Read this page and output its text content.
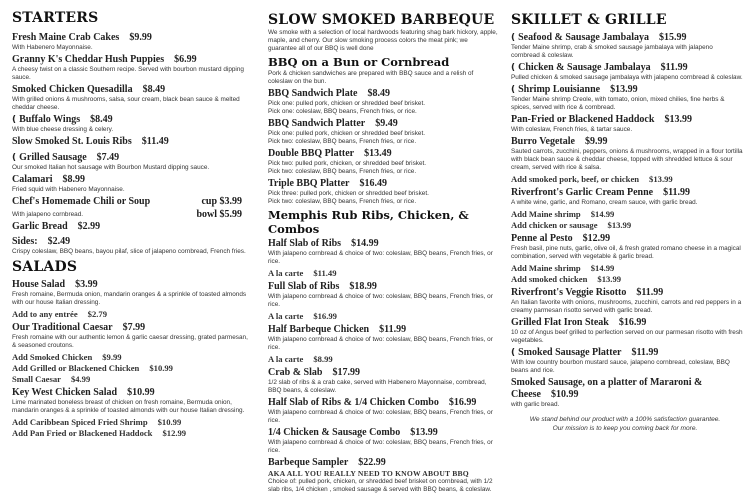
STARTERS
Fresh Maine Crab Cakes $9.99
With Habenero Mayonnaise.
Granny K's Cheddar Hush Puppies $6.99
A cheesy twist on a classic Southern recipe. Served with bourbon mustard dipping sauce.
Smoked Chicken Quesadilla $8.49
With grilled onions & mushrooms, salsa, sour cream, black bean sauce & melted cheddar cheese.
( Buffalo Wings $8.49
With blue cheese dressing & celery.
Slow Smoked St. Louis Ribs $11.49
( Grilled Sausage $7.49
Our smoked Italian hot sausage with Bourbon Mustard dipping sauce.
Calamari $8.99
Fried squid with Habenero Mayonnaise.
Chef's Homemade Chili or Soup	cup $3.99
With jalapeno cornbread.	bowl $5.99
Garlic Bread $2.99
Sides: $2.49
Crispy coleslaw, BBQ beans, bayou pilaf, slice of jalapeno cornbread, French fries.
SALADS
House Salad $3.99
Fresh romaine, Bermuda onion, mandarin oranges & a sprinkle of toasted almonds with our house Italian dressing.
Add to any entrée $2.79
Our Traditional Caesar $7.99
Fresh romaine with our authentic lemon & garlic caesar dressing, grated parmesan, & seasoned croutons.
Add Smoked Chicken $9.99
Add Grilled or Blackened Chicken $10.99
Small Caesar $4.99
Key West Chicken Salad $10.99
Lime marinated boneless breast of chicken on fresh romaine, Bermuda onion, mandarin oranges & a sprinkle of toasted almonds with our house Italian dressing.
Add Caribbean Spiced Fried Shrimp $10.99
Add Pan Fried or Blackened Haddock $12.99
SLOW SMOKED BARBEQUE
We smoke with a selection of local hardwoods featuring shag bark hickory, apple, maple, and cherry. Our slow smoking process colors the meat pink; we guarantee all of our BBQ is well done
BBQ on a Bun or Cornbread
Pork & chicken sandwiches are prepared with BBQ sauce and a relish of coleslaw on the bun.
BBQ Sandwich Plate $8.49
Pick one: pulled pork, chicken or shredded beef brisket.
Pick one: coleslaw, BBQ beans, French fries, or rice.
BBQ Sandwich Platter $9.49
Pick one: pulled pork, chicken or shredded beef brisket.
Pick two: coleslaw, BBQ beans, French fries, or rice.
Double BBQ Platter $13.49
Pick two: pulled pork, chicken, or shredded beef brisket.
Pick two: coleslaw, BBQ beans, French fries, or rice.
Triple BBQ Platter $16.49
Pick three: pulled pork, chicken or shredded beef brisket.
Pick two: coleslaw, BBQ beans, French fries, or rice.
Memphis Rub Ribs, Chicken, & Combos
Half Slab of Ribs $14.99
With jalapeno cornbread & choice of two: coleslaw, BBQ beans, French fries, or rice.
A la carte $11.49
Full Slab of Ribs $18.99
With jalapeno cornbread & choice of two: coleslaw, BBQ beans, French fries, or rice.
A la carte $16.99
Half Barbeque Chicken $11.99
With jalapeno cornbread & choice of two: coleslaw, BBQ beans, French fries, or rice.
A la carte $8.99
Crab & Slab $17.99
1/2 slab of ribs & a crab cake, served with Habenero Mayonnaise, cornbread, BBQ beans, & coleslaw.
Half Slab of Ribs & 1/4 Chicken Combo $16.99
With jalapeno cornbread & choice of two: coleslaw, BBQ beans, French fries, or rice.
1/4 Chicken & Sausage Combo $13.99
With jalapeno cornbread & choice of two: coleslaw, BBQ beans, French fries, or rice.
Barbeque Sampler $22.99
AKA ALL YOU REALLY NEED TO KNOW ABOUT BBQ
Choice of: pulled pork, chicken, or shredded beef brisket on cornbread, with 1/2 slab ribs, 1/4 chicken , smoked sausage & served with BBQ beans, & coleslaw.
SKILLET & GRILLE
( Seafood & Sausage Jambalaya $15.99
Tender Maine shrimp, crab & smoked sausage jambalaya with jalapeno cornbread & coleslaw.
( Chicken & Sausage Jambalaya $11.99
Pulled chicken & smoked sausage jambalaya with jalapeno cornbread & coleslaw.
( Shrimp Louisianne $13.99
Tender Maine shrimp Creole, with tomato, onion, mixed chilies, fine herbs & spices, served with rice & cornbread.
Pan-Fried or Blackened Haddock $13.99
With coleslaw, French fries, & tartar sauce.
Burro Vegetale $9.99
Sauted carrots, zucchini, peppers, onions & mushrooms, wrapped in a flour tortilla with black bean sauce & cheddar cheese, topped with shredded lettuce & sour cream, served with rice & salsa.
Add smoked pork, beef, or chicken $13.99
Riverfront's Garlic Cream Penne $11.99
A white wine, garlic, and Romano, cream sauce, with garlic bread.
Add Maine shrimp $14.99
Add chicken or sausage $13.99
Penne al Pesto $12.99
Fresh basil, pine nuts, garlic, olive oil, & fresh grated romano cheese in a magical combination, served with vegetable & garlic bread.
Add Maine shrimp $14.99
Add smoked chicken $13.99
Riverfront's Veggie Risotto $11.99
An Italian favorite with onions, mushrooms, zucchini, carrots and red peppers in a creamy parmesan risotto served with garlic bread.
Grilled Flat Iron Steak $16.99
10 oz of Angus beef grilled to perfection served on our parmesan risotto with fresh vegetables.
( Smoked Sausage Platter $11.99
With low country bourbon mustard sauce, jalapeno cornbread, coleslaw, BBQ beans and rice.
Smoked Sausage, on a platter of Mararoni & Cheese $10.99
with garlic bread.
We stand behind our product with a 100% satisfaction guarantee.
Our mission is to keep you coming back for more.
